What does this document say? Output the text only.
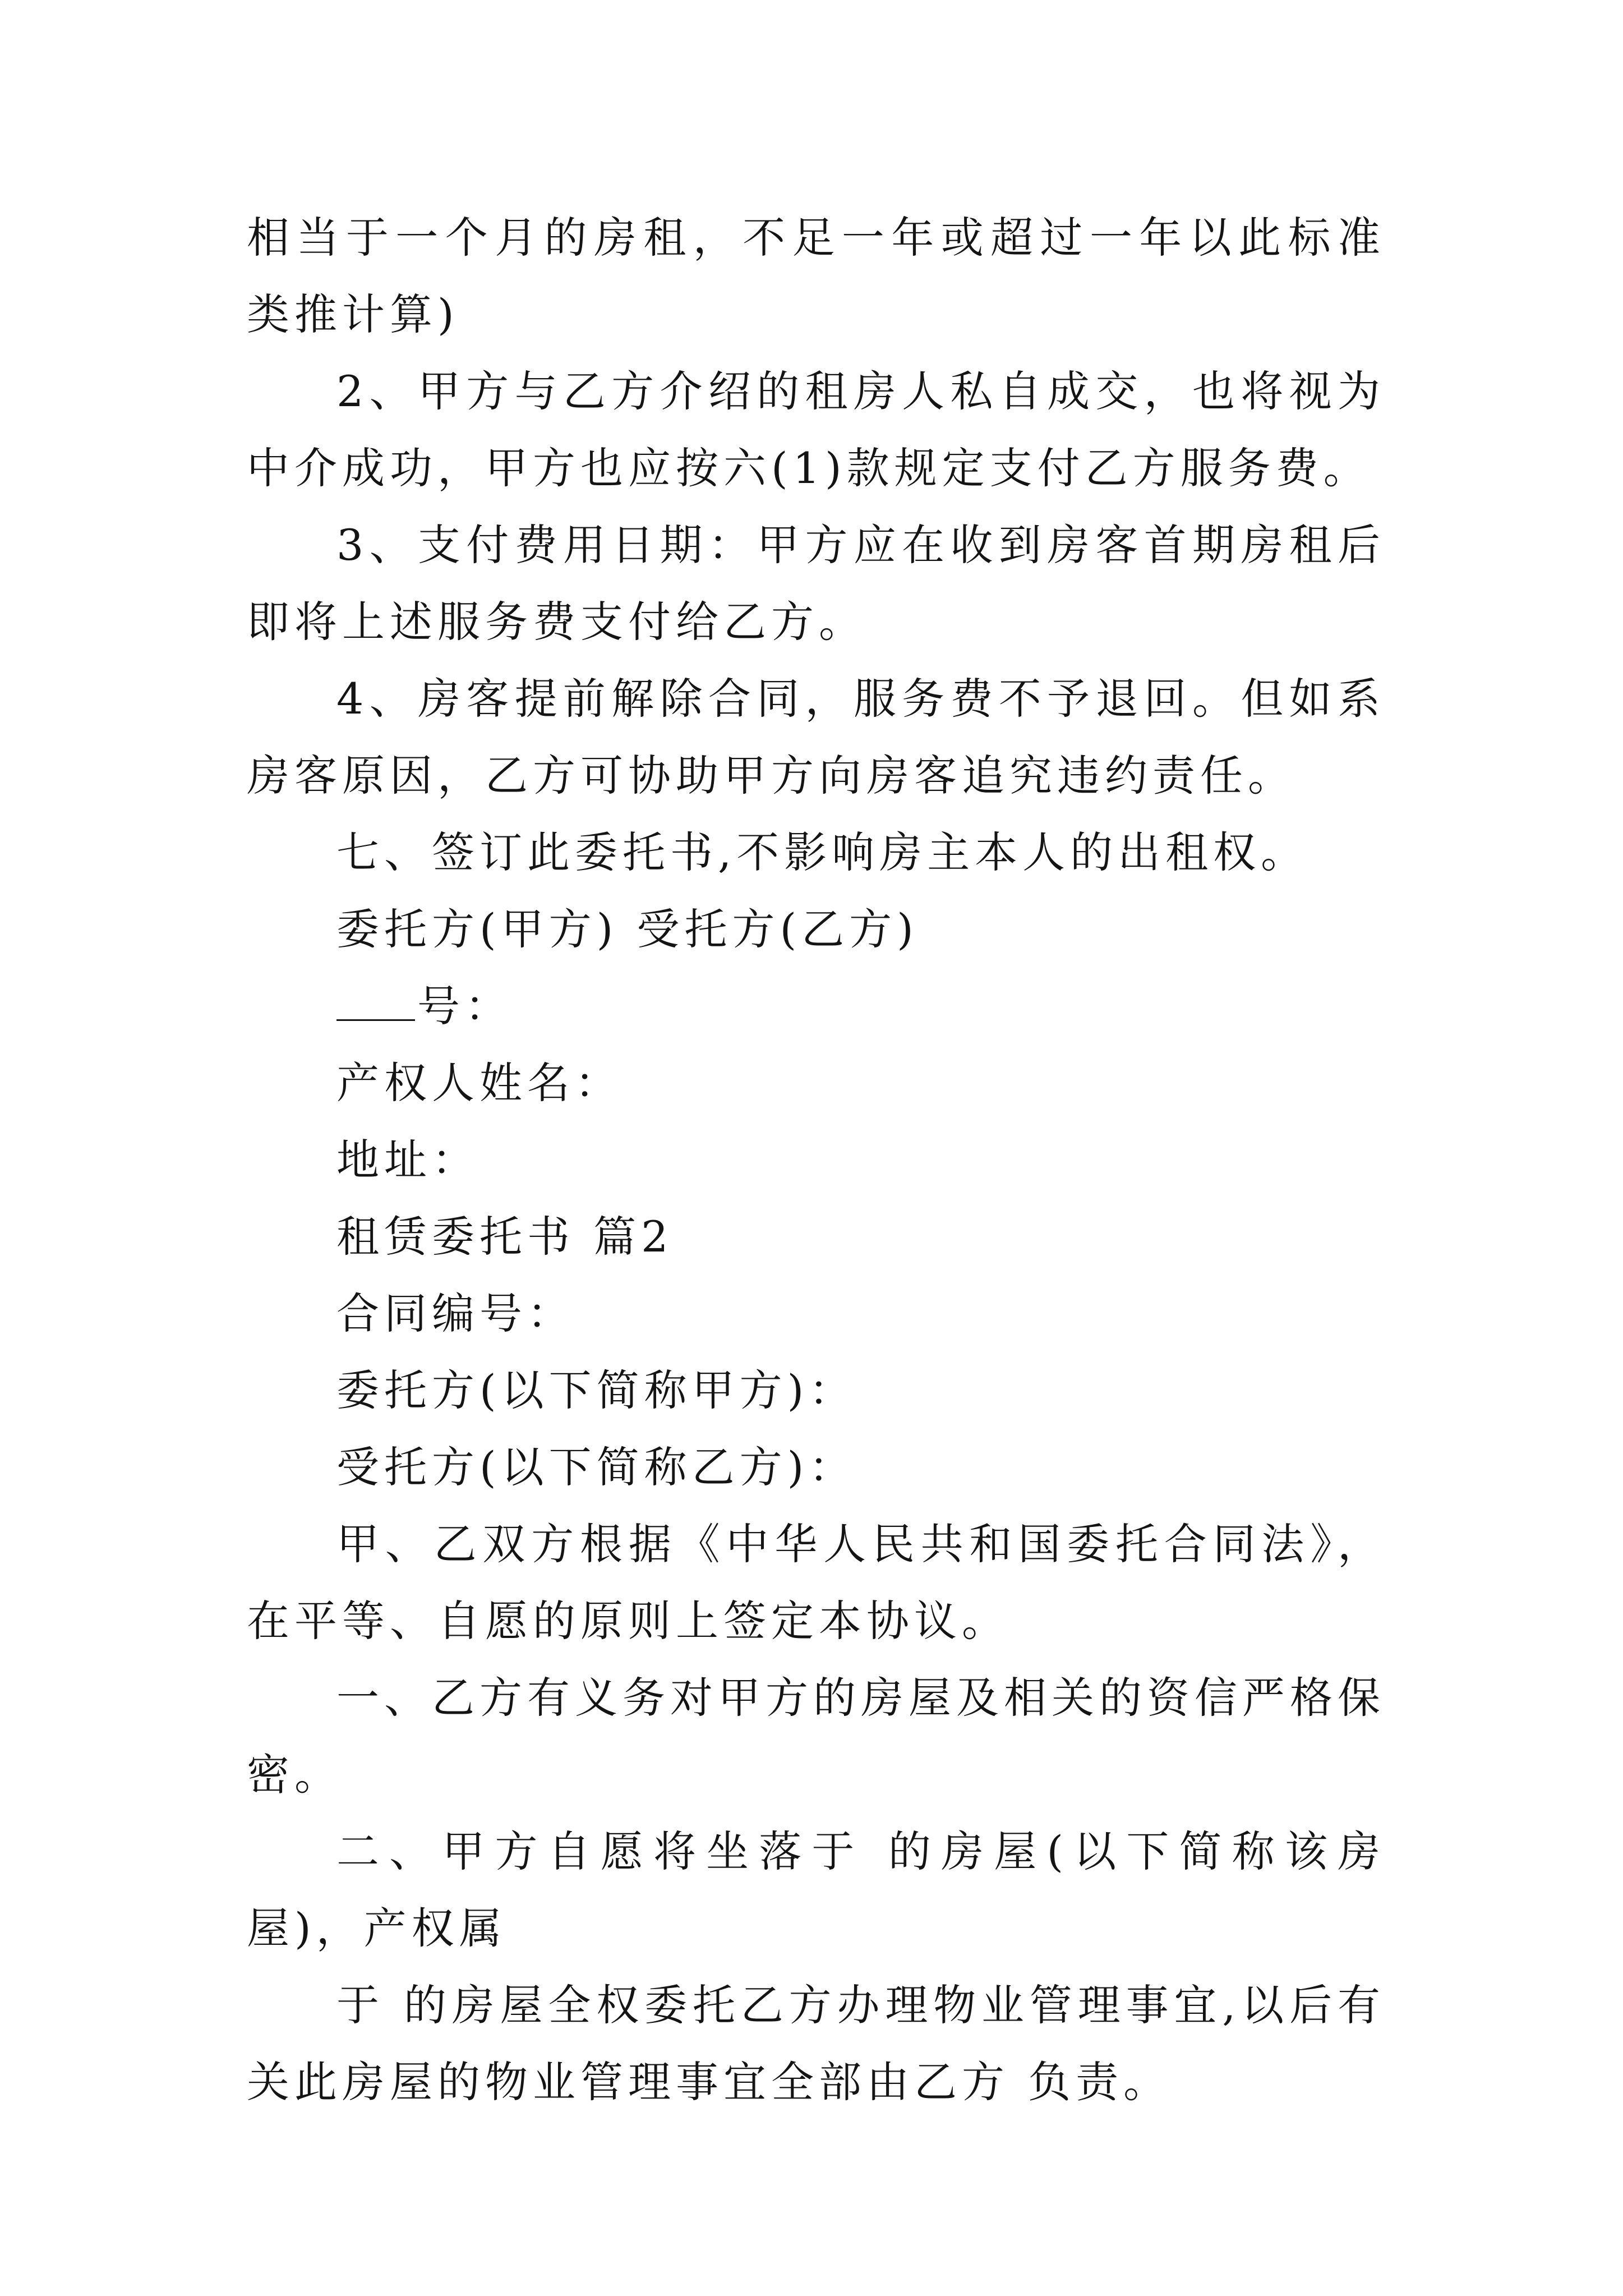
相当于一个月的房租，不足一年或超过一年以此标准类推计算)

2、甲方与乙方介绍的租房人私自成交，也将视为中介成功，甲方也应按六(1)款规定支付乙方服务费。

3、支付费用日期：甲方应在收到房客首期房租后即将上述服务费支付给乙方。

4、房客提前解除合同，服务费不予退回。但如系房客原因，乙方可协助甲方向房客追究违约责任。

七、签订此委托书,不影响房主本人的出租权。

委托方(甲方) 受托方(乙方)

号：

产权人姓名：

地址：

租赁委托书 篇2

合同编号：

委托方(以下简称甲方)：

受托方(以下简称乙方)：

甲、乙双方根据《中华人民共和国委托合同法》，在平等、自愿的原则上签定本协议。

一、乙方有义务对甲方的房屋及相关的资信严格保密。

二、甲方自愿将坐落于 的房屋(以下简称该房屋)，产权属

于 的房屋全权委托乙方办理物业管理事宜,以后有关此房屋的物业管理事宜全部由乙方 负责。
